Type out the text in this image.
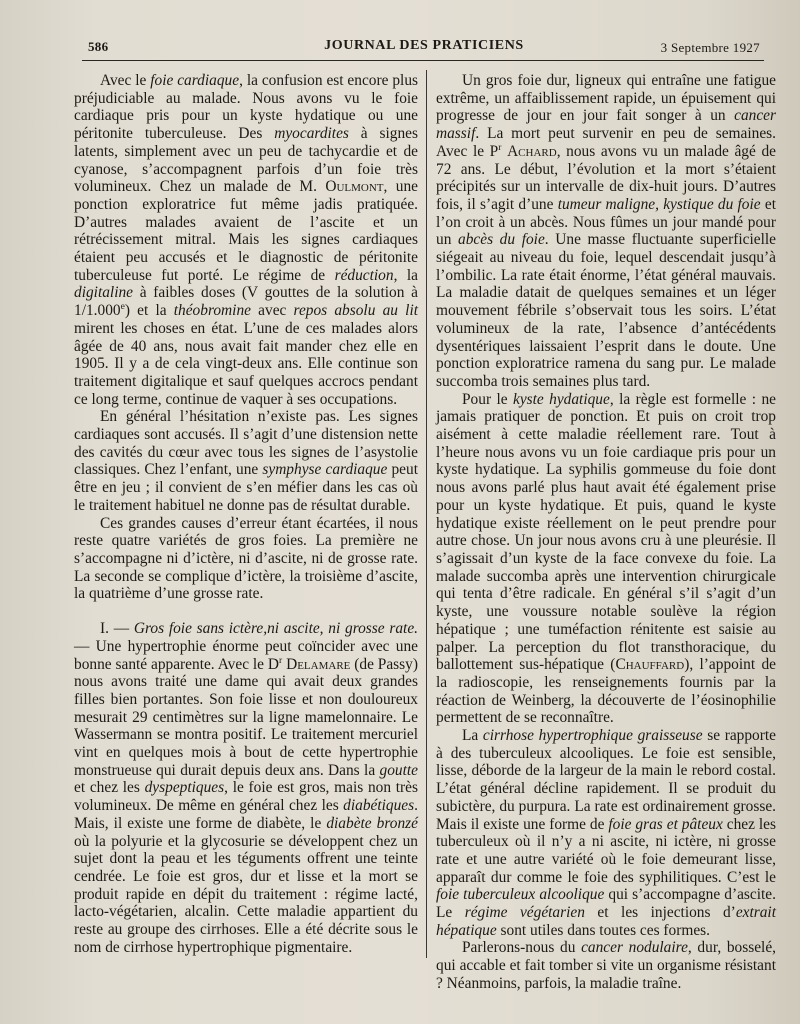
586	JOURNAL DES PRATICIENS	3 Septembre 1927

Avec le foie cardiaque, la confusion est encore plus préjudiciable au malade. Nous avons vu le foie cardiaque pris pour un kyste hydatique ou une péritonite tuberculeuse. Des myocardites à signes latents, simplement avec un peu de tachycardie et de cyanose, s’accompagnent parfois d’un foie très volumineux. Chez un malade de M. Oulmont, une ponction exploratrice fut même jadis pratiquée. D’autres malades avaient de l’ascite et un rétrécissement mitral. Mais les signes cardiaques étaient peu accusés et le diagnostic de péritonite tuberculeuse fut porté. Le régime de réduction, la digitaline à faibles doses (V gouttes de la solution à 1/1.000e) et la théobromine avec repos absolu au lit mirent les choses en état. L’une de ces malades alors âgée de 40 ans, nous avait fait mander chez elle en 1905. Il y a de cela vingt-deux ans. Elle continue son traitement digitalique et sauf quelques accrocs pendant ce long terme, continue de vaquer à ses occupations.

En général l’hésitation n’existe pas. Les signes cardiaques sont accusés. Il s’agit d’une distension nette des cavités du cœur avec tous les signes de l’asystolie classiques. Chez l’enfant, une symphyse cardiaque peut être en jeu ; il convient de s’en méfier dans les cas où le traitement habituel ne donne pas de résultat durable.

Ces grandes causes d’erreur étant écartées, il nous reste quatre variétés de gros foies. La première ne s’accompagne ni d’ictère, ni d’ascite, ni de grosse rate. La seconde se complique d’ictère, la troisième d’ascite, la quatrième d’une grosse rate.

I. — Gros foie sans ictère,ni ascite, ni grosse rate. — Une hypertrophie énorme peut coïncider avec une bonne santé apparente. Avec le $D^r$ Delamare (de Passy) nous avons traité une dame qui avait deux grandes filles bien portantes. Son foie lisse et non douloureux mesurait 29 centimètres sur la ligne mamelonnaire. Le Wassermann se montra positif. Le traitement mercuriel vint en quelques mois à bout de cette hypertrophie monstrueuse qui durait depuis deux ans. Dans la goutte et chez les dyspeptiques, le foie est gros, mais non très volumineux. De même en général chez les diabétiques. Mais, il existe une forme de diabète, le diabète bronzé où la polyurie et la glycosurie se développent chez un sujet dont la peau et les téguments offrent une teinte cendrée. Le foie est gros, dur et lisse et la mort se produit rapide en dépit du traitement : régime lacté, lacto-végétarien, alcalin. Cette maladie appartient du reste au groupe des cirrhoses. Elle a été décrite sous le nom de cirrhose hypertrophique pigmentaire.

Un gros foie dur, ligneux qui entraîne une fatigue extrême, un affaiblissement rapide, un épuisement qui progresse de jour en jour fait songer à un cancer massif. La mort peut survenir en peu de semaines. Avec le $P^r$ Achard, nous avons vu un malade âgé de 72 ans. Le début, l’évolution et la mort s’étaient précipités sur un intervalle de dix-huit jours. D’autres fois, il s’agit d’une tumeur maligne, kystique du foie et l’on croit à un abcès. Nous fûmes un jour mandé pour un abcès du foie. Une masse fluctuante superficielle siégeait au niveau du foie, lequel descendait jusqu’à l’ombilic. La rate était énorme, l’état général mauvais. La maladie datait de quelques semaines et un léger mouvement fébrile s’observait tous les soirs. L’état volumineux de la rate, l’absence d’antécédents dysentériques laissaient l’esprit dans le doute. Une ponction exploratrice ramena du sang pur. Le malade succomba trois semaines plus tard.

Pour le kyste hydatique, la règle est formelle : ne jamais pratiquer de ponction. Et puis on croit trop aisément à cette maladie réellement rare. Tout à l’heure nous avons vu un foie cardiaque pris pour un kyste hydatique. La syphilis gommeuse du foie dont nous avons parlé plus haut avait été également prise pour un kyste hydatique. Et puis, quand le kyste hydatique existe réellement on le peut prendre pour autre chose. Un jour nous avons cru à une pleurésie. Il s’agissait d’un kyste de la face convexe du foie. La malade succomba après une intervention chirurgicale qui tenta d’être radicale. En général s’il s’agit d’un kyste, une voussure notable soulève la région hépatique ; une tuméfaction rénitente est saisie au palper. La perception du flot transthoracique, du ballottement sus-hépatique (Chauffard), l’appoint de la radioscopie, les renseignements fournis par la réaction de Weinberg, la découverte de l’éosinophilie permettent de se reconnaître.

La cirrhose hypertrophique graisseuse se rapporte à des tuberculeux alcooliques. Le foie est sensible, lisse, déborde de la largeur de la main le rebord costal. L’état général décline rapidement. Il se produit du subictère, du purpura. La rate est ordinairement grosse. Mais il existe une forme de foie gras et pâteux chez les tuberculeux où il n’y a ni ascite, ni ictère, ni grosse rate et une autre variété où le foie demeurant lisse, apparaît dur comme le foie des syphilitiques. C’est le foie tuberculeux alcoolique qui s’accompagne d’ascite. Le régime végétarien et les injections d’extrait hépatique sont utiles dans toutes ces formes.

Parlerons-nous du cancer nodulaire, dur, bosselé, qui accable et fait tomber si vite un organisme résistant ? Néanmoins, parfois, la maladie traîne.
